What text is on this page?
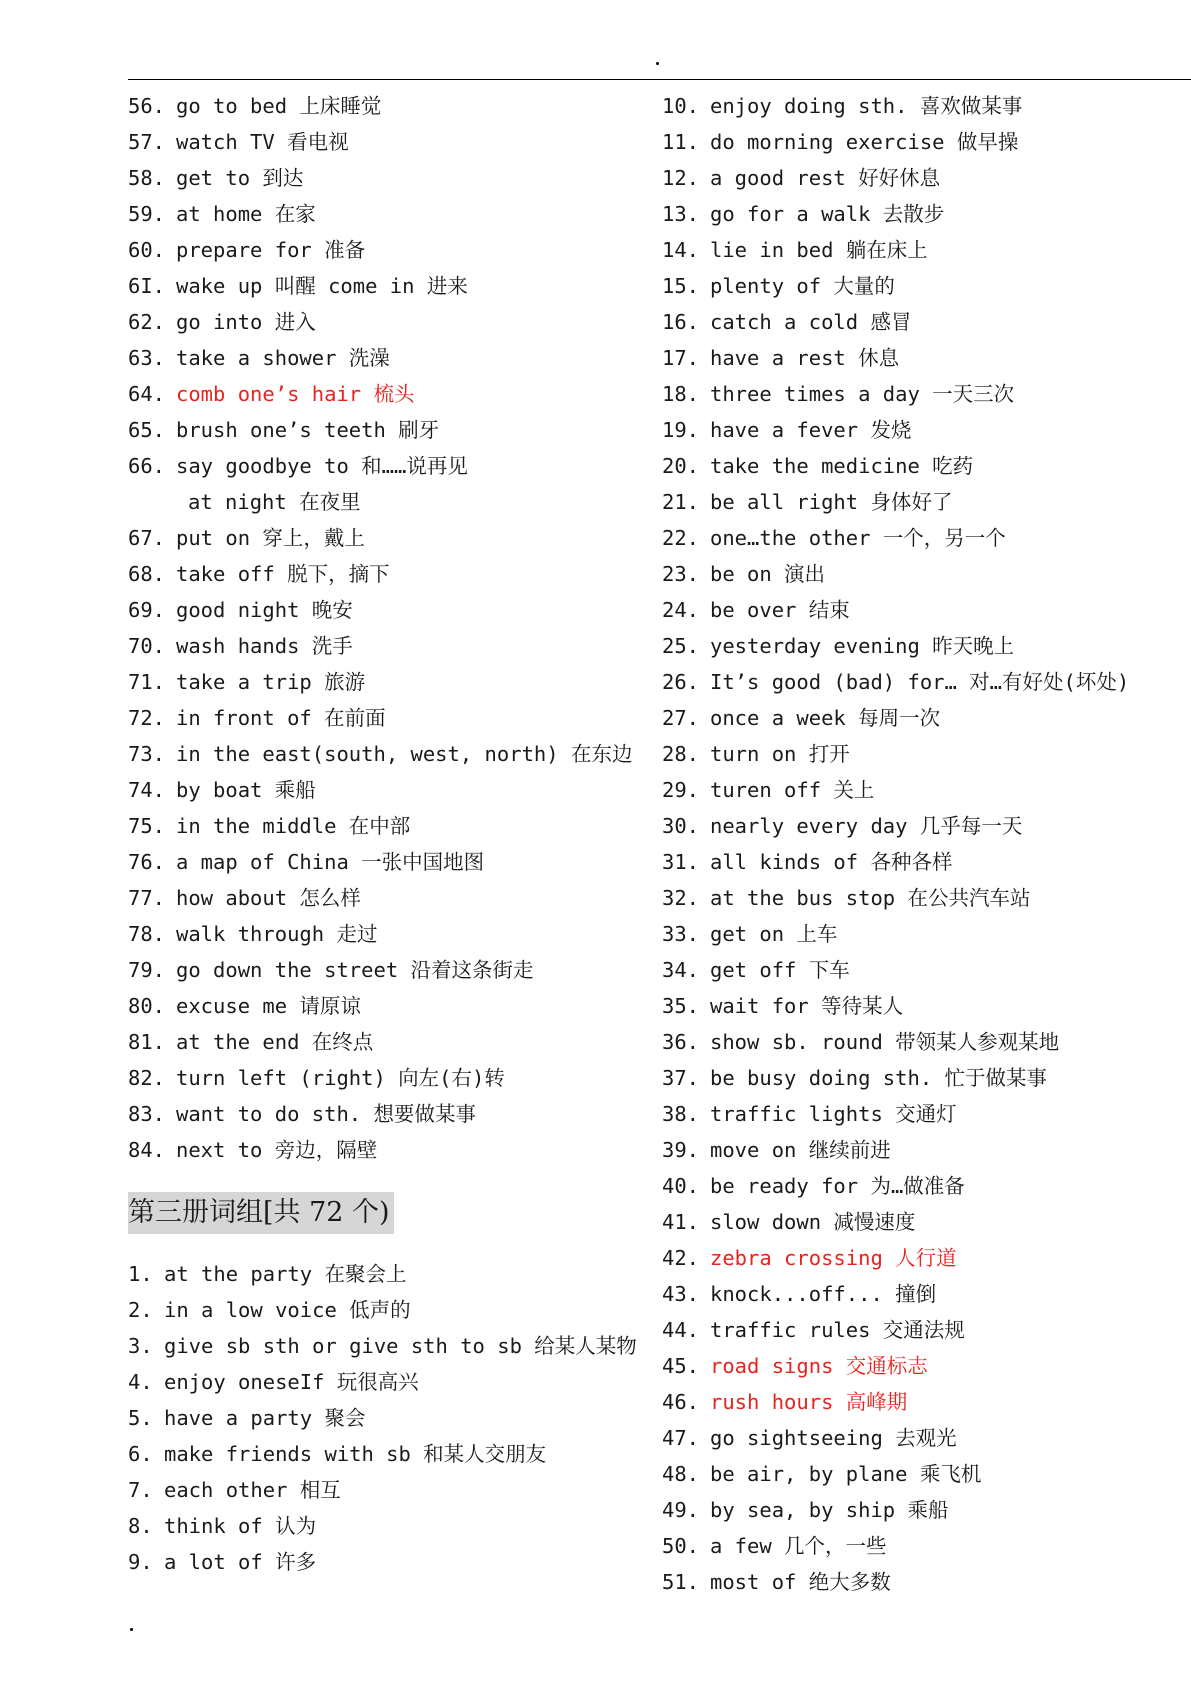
56. go to bed 上床睡觉
57. watch TV 看电视
58. get to 到达
59. at home 在家
60. prepare for 准备
6I. wake up 叫醒 come in 进来
62. go into 进入
63. take a shower 洗澡
64. comb one’s hair 梳头
65. brush one’s teeth 刷牙
66. say goodbye to 和……说再见
at night 在夜里
67. put on 穿上，戴上
68. take off 脱下，摘下
69. good night 晚安
70. wash hands 洗手
71. take a trip 旅游
72. in front of 在前面
73. in the east(south, west, north) 在东边
74. by boat 乘船
75. in the middle 在中部
76. a map of China 一张中国地图
77. how about 怎么样
78. walk through 走过
79. go down the street 沿着这条街走
80. excuse me 请原谅
81. at the end 在终点
82. turn left (right) 向左(右)转
83. want to do sth. 想要做某事
84. next to 旁边，隔壁
第三册词组[共 72 个)
1. at the party 在聚会上
2. in a low voice 低声的
3. give sb sth or give sth to sb 给某人某物
4. enjoy oneseIf 玩很高兴
5. have a party 聚会
6. make friends with sb 和某人交朋友
7. each other 相互
8. think of 认为
9. a lot of 许多
10. enjoy doing sth. 喜欢做某事
11. do morning exercise 做早操
12. a good rest 好好休息
13. go for a walk 去散步
14. lie in bed 躺在床上
15. plenty of 大量的
16. catch a cold 感冒
17. have a rest 休息
18. three times a day 一天三次
19. have a fever 发烧
20. take the medicine 吃药
21. be all right 身体好了
22. one…the other 一个，另一个
23. be on 演出
24. be over 结束
25. yesterday evening 昨天晚上
26. It’s good (bad) for… 对…有好处(坏处)
27. once a week 每周一次
28. turn on 打开
29. turen off 关上
30. nearly every day 几乎每一天
31. all kinds of 各种各样
32. at the bus stop 在公共汽车站
33. get on 上车
34. get off 下车
35. wait for 等待某人
36. show sb. round 带领某人参观某地
37. be busy doing sth. 忙于做某事
38. traffic lights 交通灯
39. move on 继续前进
40. be ready for 为…做准备
41. slow down 减慢速度
42. zebra crossing 人行道
43. knock...off... 撞倒
44. traffic rules 交通法规
45. road signs 交通标志
46. rush hours 高峰期
47. go sightseeing 去观光
48. be air, by plane 乘飞机
49. by sea, by ship 乘船
50. a few 几个，一些
51. most of 绝大多数
